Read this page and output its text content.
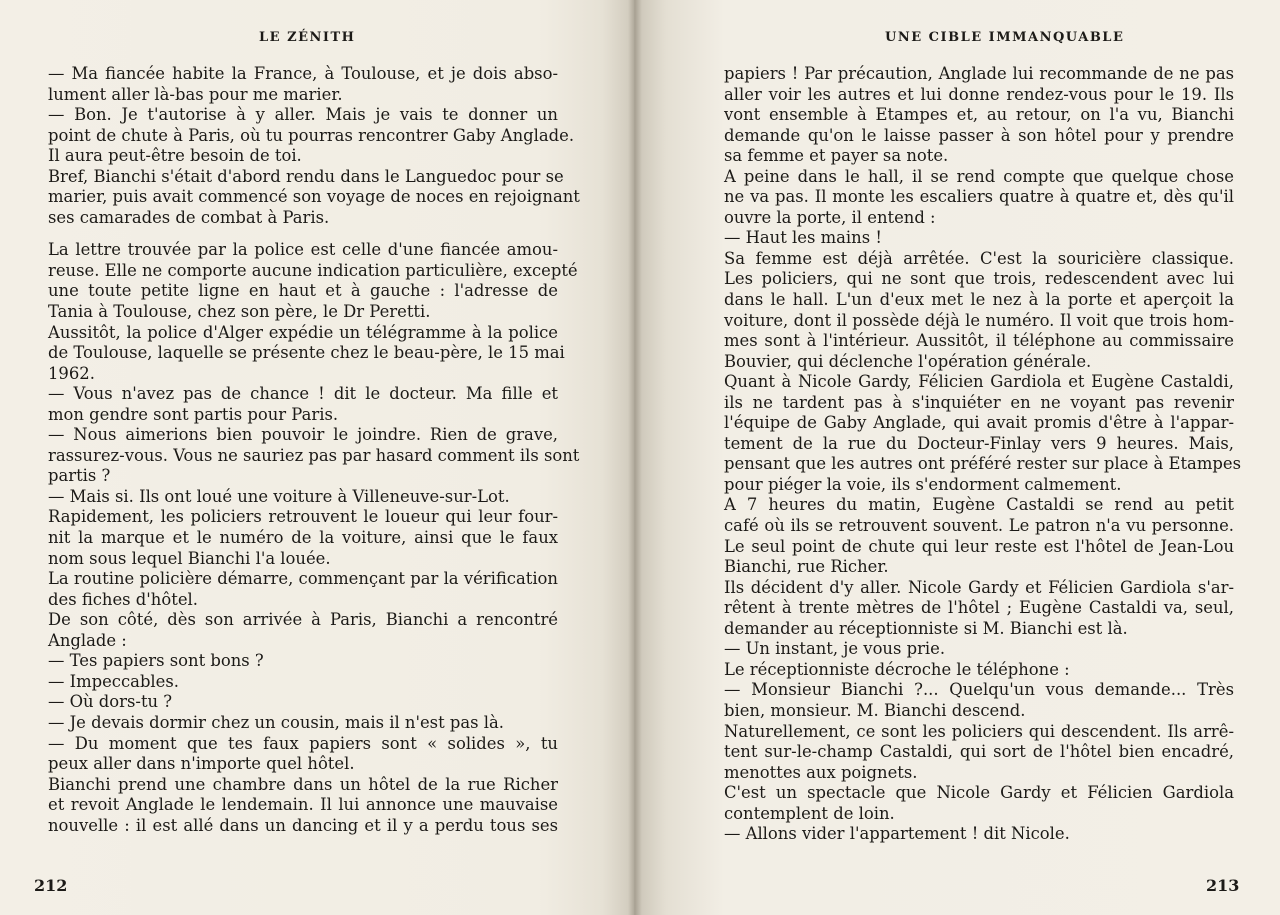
LE ZÉNITH
— Ma fiancée habite la France, à Toulouse, et je dois abso-
lument aller là-bas pour me marier.
— Bon. Je t'autorise à y aller. Mais je vais te donner un
point de chute à Paris, où tu pourras rencontrer Gaby Anglade.
Il aura peut-être besoin de toi.
Bref, Bianchi s'était d'abord rendu dans le Languedoc pour se
marier, puis avait commencé son voyage de noces en rejoignant
ses camarades de combat à Paris.
La lettre trouvée par la police est celle d'une fiancée amou-
reuse. Elle ne comporte aucune indication particulière, excepté
une toute petite ligne en haut et à gauche : l'adresse de
Tania à Toulouse, chez son père, le Dr Peretti.
Aussitôt, la police d'Alger expédie un télégramme à la police
de Toulouse, laquelle se présente chez le beau-père, le 15 mai
1962.
— Vous n'avez pas de chance ! dit le docteur. Ma fille et
mon gendre sont partis pour Paris.
— Nous aimerions bien pouvoir le joindre. Rien de grave,
rassurez-vous. Vous ne sauriez pas par hasard comment ils sont
partis ?
— Mais si. Ils ont loué une voiture à Villeneuve-sur-Lot.
Rapidement, les policiers retrouvent le loueur qui leur four-
nit la marque et le numéro de la voiture, ainsi que le faux
nom sous lequel Bianchi l'a louée.
La routine policière démarre, commençant par la vérification
des fiches d'hôtel.
De son côté, dès son arrivée à Paris, Bianchi a rencontré
Anglade :
— Tes papiers sont bons ?
— Impeccables.
— Où dors-tu ?
— Je devais dormir chez un cousin, mais il n'est pas là.
— Du moment que tes faux papiers sont « solides », tu
peux aller dans n'importe quel hôtel.
Bianchi prend une chambre dans un hôtel de la rue Richer
et revoit Anglade le lendemain. Il lui annonce une mauvaise
nouvelle : il est allé dans un dancing et il y a perdu tous ses
212
UNE CIBLE IMMANQUABLE
papiers ! Par précaution, Anglade lui recommande de ne pas
aller voir les autres et lui donne rendez-vous pour le 19. Ils
vont ensemble à Etampes et, au retour, on l'a vu, Bianchi
demande qu'on le laisse passer à son hôtel pour y prendre
sa femme et payer sa note.
A peine dans le hall, il se rend compte que quelque chose
ne va pas. Il monte les escaliers quatre à quatre et, dès qu'il
ouvre la porte, il entend :
— Haut les mains !
Sa femme est déjà arrêtée. C'est la souricière classique.
Les policiers, qui ne sont que trois, redescendent avec lui
dans le hall. L'un d'eux met le nez à la porte et aperçoit la
voiture, dont il possède déjà le numéro. Il voit que trois hom-
mes sont à l'intérieur. Aussitôt, il téléphone au commissaire
Bouvier, qui déclenche l'opération générale.
Quant à Nicole Gardy, Félicien Gardiola et Eugène Castaldi,
ils ne tardent pas à s'inquiéter en ne voyant pas revenir
l'équipe de Gaby Anglade, qui avait promis d'être à l'appar-
tement de la rue du Docteur-Finlay vers 9 heures. Mais,
pensant que les autres ont préféré rester sur place à Etampes
pour piéger la voie, ils s'endorment calmement.
A 7 heures du matin, Eugène Castaldi se rend au petit
café où ils se retrouvent souvent. Le patron n'a vu personne.
Le seul point de chute qui leur reste est l'hôtel de Jean-Lou
Bianchi, rue Richer.
Ils décident d'y aller. Nicole Gardy et Félicien Gardiola s'ar-
rêtent à trente mètres de l'hôtel ; Eugène Castaldi va, seul,
demander au réceptionniste si M. Bianchi est là.
— Un instant, je vous prie.
Le réceptionniste décroche le téléphone :
— Monsieur Bianchi ?... Quelqu'un vous demande... Très
bien, monsieur. M. Bianchi descend.
Naturellement, ce sont les policiers qui descendent. Ils arrê-
tent sur-le-champ Castaldi, qui sort de l'hôtel bien encadré,
menottes aux poignets.
C'est un spectacle que Nicole Gardy et Félicien Gardiola
contemplent de loin.
— Allons vider l'appartement ! dit Nicole.
213
